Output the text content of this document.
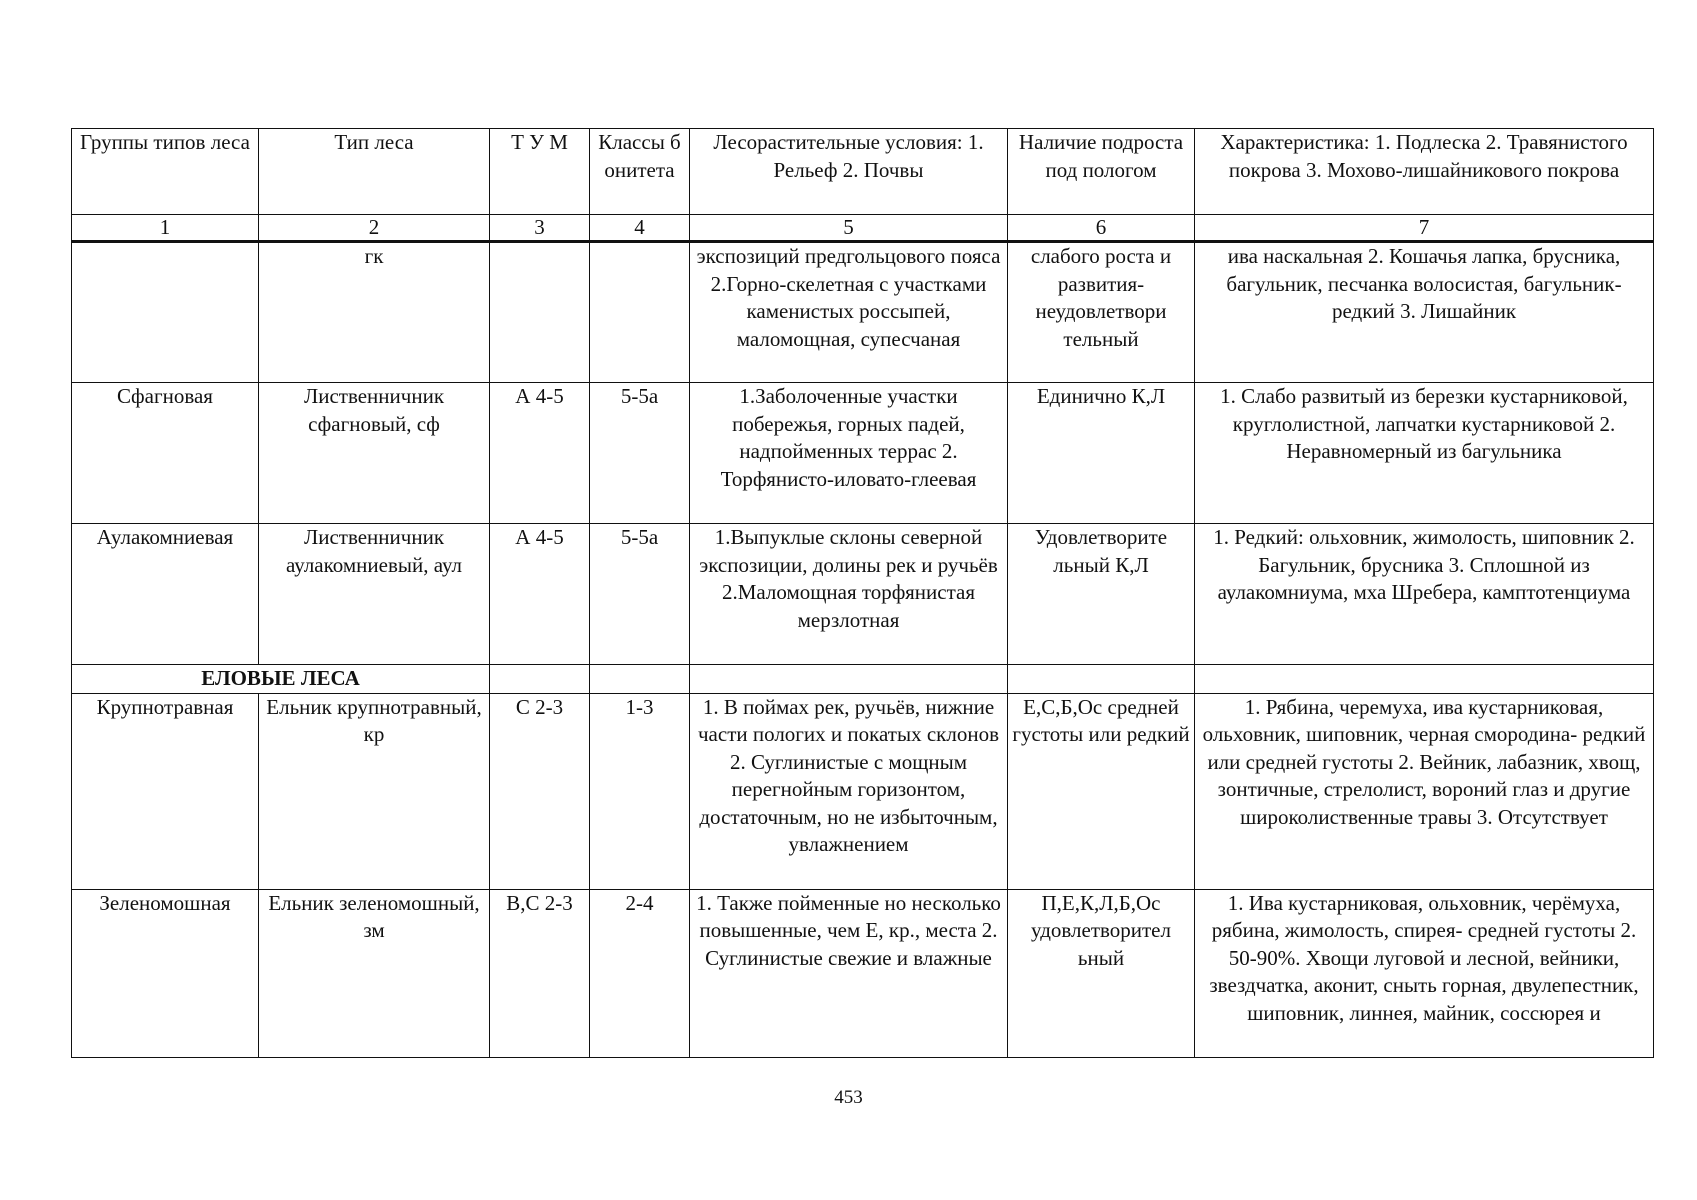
Группы типов леса	Тип леса	Т У М	Классы бонитета	Лесорастительные условия: 1. Рельеф 2. Почвы	Наличие подроста под пологом	Характеристика: 1. Подлеска 2. Травянистого покрова 3. Мохово-лишайникового покрова
1	2	3	4	5	6	7
	гк			экспозиций предгольцового пояса 2.Горно-скелетная с участками каменистых россыпей, маломощная, супесчаная	слабого роста и развития- неудовлетвори тельный	ива наскальная 2. Кошачья лапка, брусника, багульник, песчанка волосистая, багульник- редкий 3. Лишайник
Сфагновая	Лиственничник сфагновый, сф	А 4-5	5-5а	1.Заболоченные участки побережья, горных падей, надпойменных террас 2. Торфянисто-иловато-глеевая	Единично К,Л	1. Слабо развитый из березки кустарниковой, круглолистной, лапчатки кустарниковой 2. Неравномерный из багульника
Аулакомниевая	Лиственничник аулакомниевый, аул	А 4-5	5-5а	1.Выпуклые склоны северной экспозиции, долины рек и ручьёв 2.Маломощная торфянистая мерзлотная	Удовлетворите льный К,Л	1. Редкий: ольховник, жимолость, шиповник 2. Багульник, брусника 3. Сплошной из аулакомниума, мха Шребера, камптотенциума
ЕЛОВЫЕ ЛЕСА						
Крупнотравная	Ельник крупнотравный, кр	С 2-3	1-3	1. В поймах рек, ручьёв, нижние части пологих и покатых склонов 2. Суглинистые с мощным перегнойным горизонтом, достаточным, но не избыточным, увлажнением	Е,С,Б,Ос средней густоты или редкий	1. Рябина, черемуха, ива кустарниковая, ольховник, шиповник, черная смородина- редкий или средней густоты 2. Вейник, лабазник, хвощ, зонтичные, стрелолист, вороний глаз и другие широколиственные травы 3. Отсутствует
Зеленомошная	Ельник зеленомошный, зм	В,С 2-3	2-4	1. Также пойменные но несколько повышенные, чем Е, кр., места 2. Суглинистые свежие и влажные	П,Е,К,Л,Б,Ос удовлетворител ьный	1. Ива кустарниковая, ольховник, черёмуха, рябина, жимолость, спирея- средней густоты 2. 50-90%. Хвощи луговой и лесной, вейники, звездчатка, аконит, сныть горная, двулепестник, шиповник, линнея, майник, соссюрея и
453
